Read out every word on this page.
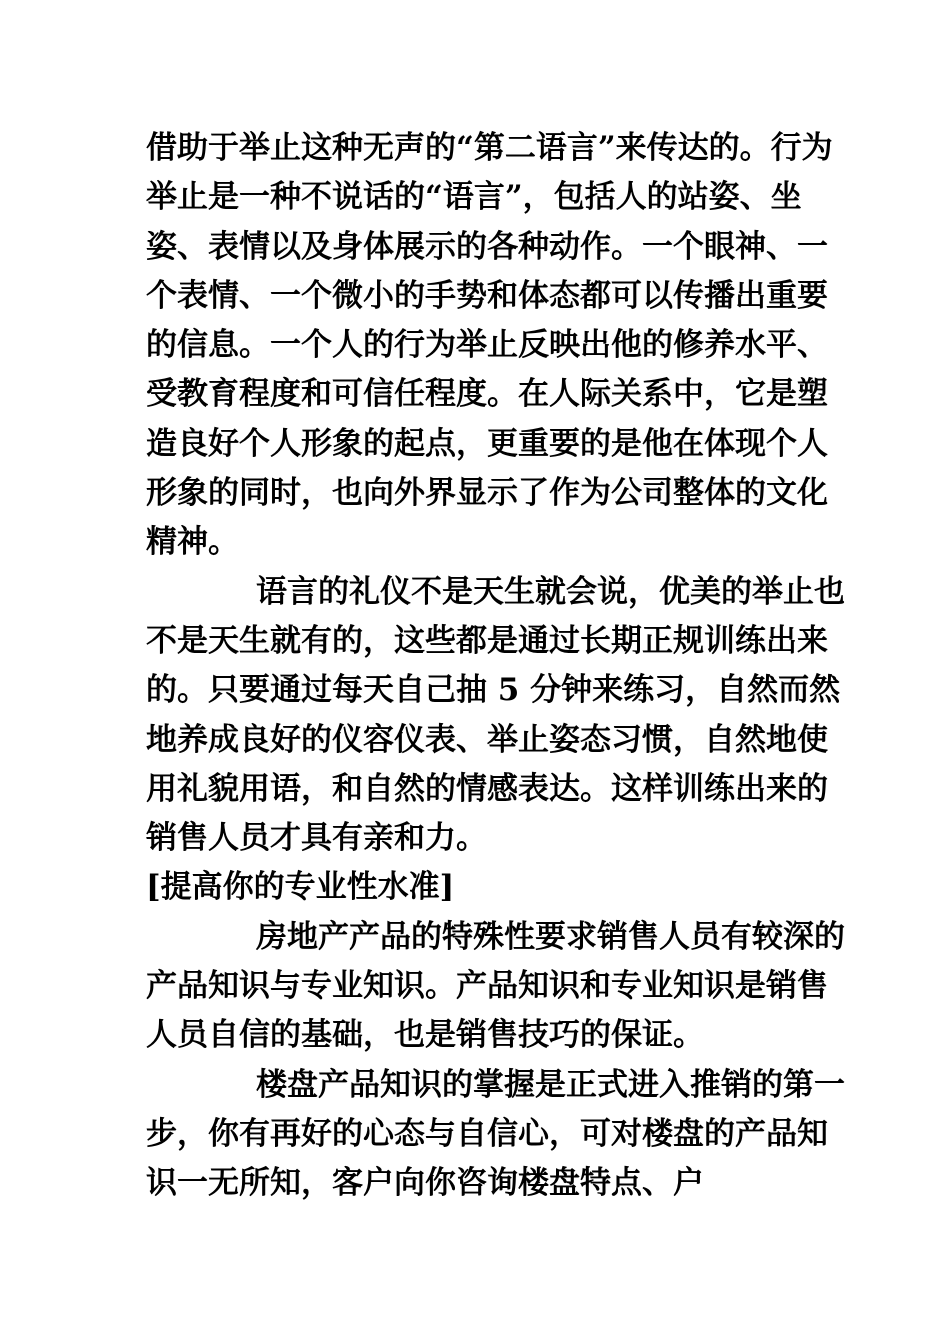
借助于举止这种无声的“第二语言”来传达的。行为举止是一种不说话的“语言”，包括人的站姿、坐姿、表情以及身体展示的各种动作。一个眼神、一个表情、一个微小的手势和体态都可以传播出重要的信息。一个人的行为举止反映出他的修养水平、受教育程度和可信任程度。在人际关系中，它是塑造良好个人形象的起点，更重要的是他在体现个人形象的同时，也向外界显示了作为公司整体的文化精神。

语言的礼仪不是天生就会说，优美的举止也不是天生就有的，这些都是通过长期正规训练出来的。只要通过每天自己抽 5 分钟来练习，自然而然地养成良好的仪容仪表、举止姿态习惯，自然地使用礼貌用语，和自然的情感表达。这样训练出来的销售人员才具有亲和力。

[提高你的专业性水准]

房地产产品的特殊性要求销售人员有较深的产品知识与专业知识。产品知识和专业知识是销售人员自信的基础，也是销售技巧的保证。

楼盘产品知识的掌握是正式进入推销的第一步，你有再好的心态与自信心，可对楼盘的产品知识一无所知，客户向你咨询楼盘特点、户
